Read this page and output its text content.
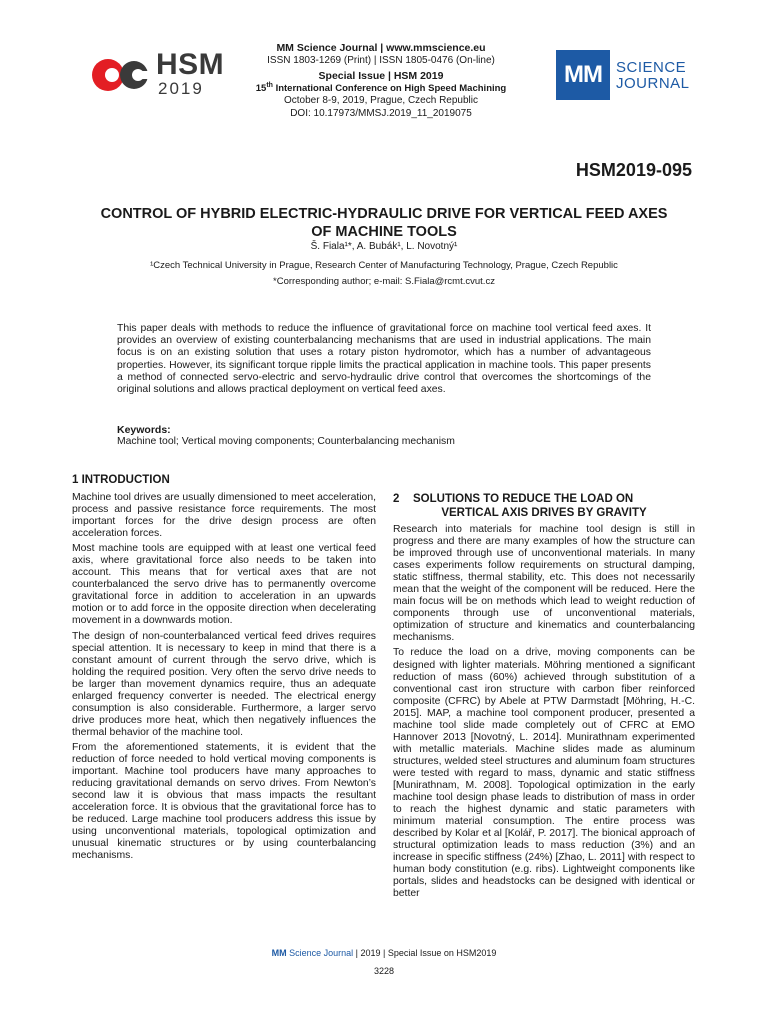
HSM
2019
MM Science Journal | www.mmscience.eu
ISSN 1803-1269 (Print) | ISSN 1805-0476 (On-line)
Special Issue | HSM 2019
15th International Conference on High Speed Machining
October 8-9, 2019, Prague, Czech Republic
DOI: 10.17973/MMSJ.2019_11_2019075
MM SCIENCE
JOURNAL
HSM2019-095
CONTROL OF HYBRID ELECTRIC-HYDRAULIC DRIVE FOR VERTICAL FEED AXES
OF MACHINE TOOLS
Š. Fiala¹*, A. Bubák¹, L. Novotný¹
¹Czech Technical University in Prague, Research Center of Manufacturing Technology, Prague, Czech Republic
*Corresponding author; e-mail: S.Fiala@rcmt.cvut.cz
This paper deals with methods to reduce the influence of gravitational force on machine tool vertical feed axes. It provides an overview of existing counterbalancing mechanisms that are used in industrial applications. The main focus is on an existing solution that uses a rotary piston hydromotor, which has a number of advantageous properties. However, its significant torque ripple limits the practical application in machine tools. This paper presents a method of connected servo-electric and servo-hydraulic drive control that overcomes the shortcomings of the original solutions and allows practical deployment on vertical feed axes.
Keywords:
Machine tool; Vertical moving components; Counterbalancing mechanism
1 INTRODUCTION

Machine tool drives are usually dimensioned to meet acceleration, process and passive resistance force requirements. The most important forces for the drive design process are often acceleration forces.

Most machine tools are equipped with at least one vertical feed axis, where gravitational force also needs to be taken into account. This means that for vertical axes that are not counterbalanced the servo drive has to permanently overcome gravitational force in addition to acceleration in an upwards motion or to add force in the opposite direction when decelerating movement in a downwards motion.

The design of non-counterbalanced vertical feed drives requires special attention. It is necessary to keep in mind that there is a constant amount of current through the servo drive, which is holding the required position. Very often the servo drive needs to be larger than movement dynamics require, thus an adequate enlarged frequency converter is needed. The electrical energy consumption is also considerable. Furthermore, a larger servo drive produces more heat, which then negatively influences the thermal behavior of the machine tool.

From the aforementioned statements, it is evident that the reduction of force needed to hold vertical moving components is important. Machine tool producers have many approaches to reducing gravitational demands on servo drives. From Newton’s second law it is obvious that mass impacts the resultant acceleration force. It is obvious that the gravitational force has to be reduced. Large machine tool producers address this issue by using unconventional materials, topological optimization and unusual kinematic structures or by using counterbalancing mechanisms.

2 SOLUTIONS TO REDUCE THE LOAD ON
VERTICAL AXIS DRIVES BY GRAVITY

Research into materials for machine tool design is still in progress and there are many examples of how the structure can be improved through use of unconventional materials. In many cases experiments follow requirements on structural damping, static stiffness, thermal stability, etc. This does not necessarily mean that the weight of the component will be reduced. Here the main focus will be on methods which lead to weight reduction of components through use of unconventional materials, optimization of structure and kinematics and counterbalancing mechanisms.

To reduce the load on a drive, moving components can be designed with lighter materials. Möhring mentioned a significant reduction of mass (60%) achieved through substitution of a conventional cast iron structure with carbon fiber reinforced composite (CFRC) by Abele at PTW Darmstadt [Möhring, H.-C. 2015]. MAP, a machine tool component producer, presented a machine tool slide made completely out of CFRC at EMO Hannover 2013 [Novotný, L. 2014]. Munirathnam experimented with metallic materials. Machine slides made as aluminum structures, welded steel structures and aluminum foam structures were tested with regard to mass, dynamic and static stiffness [Munirathnam, M. 2008]. Topological optimization in the early machine tool design phase leads to distribution of mass in order to reach the highest dynamic and static parameters with minimum material consumption. The entire process was described by Kolar et al [Kolář, P. 2017]. The bionical approach of structural optimization leads to mass reduction (3%) and an increase in specific stiffness (24%) [Zhao, L. 2011] with respect to human body constitution (e.g. ribs). Lightweight components like portals, slides and headstocks can be designed with identical or better

MM Science Journal | 2019 | Special Issue on HSM2019
3228
